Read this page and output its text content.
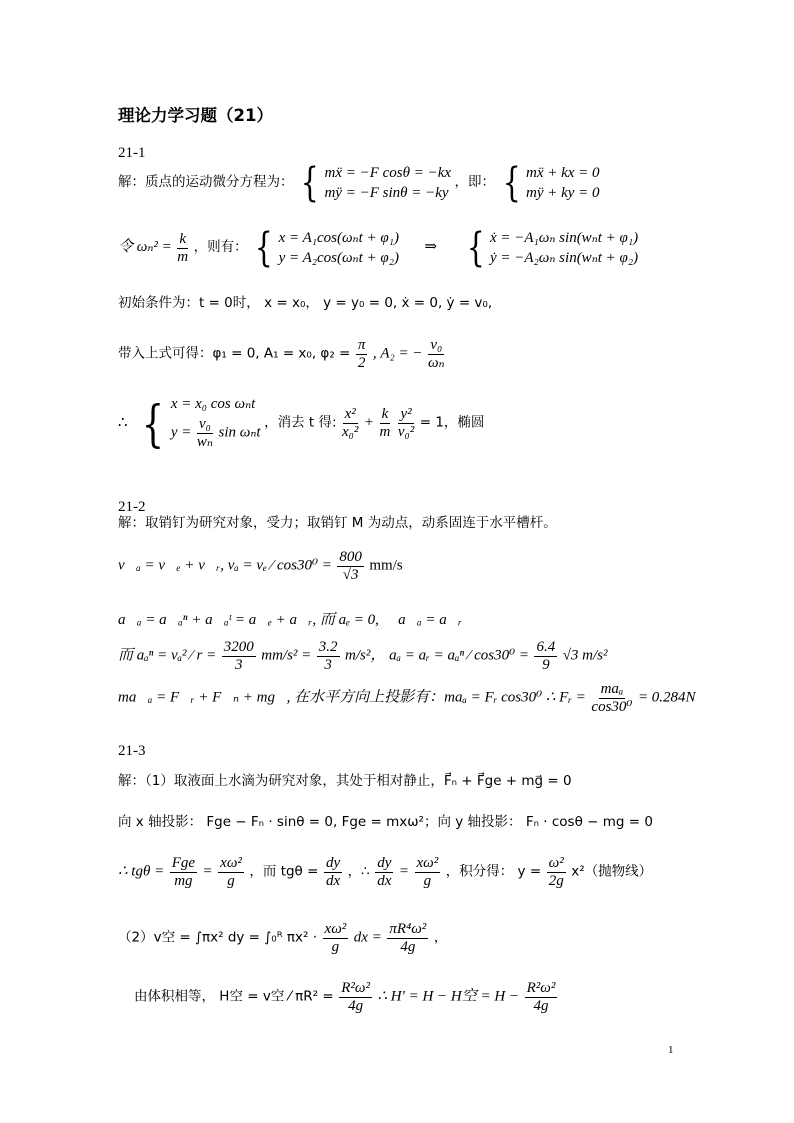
理论力学习题（21）
21-1
解：质点的运动微分方程为： { mẍ = −F cosθ = −kx
mÿ = −F sinθ = −ky
，即： { mẍ + kx = 0
mÿ + ky = 0
令 $\omega_n^2 = \frac{k}{m}$ ，则有： { x = A₁cos(ωₙt + φ₁)
y = A₂cos(ωₙt + φ₂)
⇒ { ẋ = −A₁ωₙ sin(wₙt + φ₁)
ẏ = −A₂ωₙ sin(wₙt + φ₂)
初始条件为：t = 0时， x = x₀， y = y₀ = 0, ẋ = 0, ẏ = v₀,
带入上式可得：φ₁ = 0, A₁ = x₀, $\varphi_2 = \frac{\pi}{2}$ , A₂ = − $\frac{\text{v₀}}{\text{ωₙ}}$
∴ { x = x₀ cos ωₙt
$y = \frac{\text{v₀}}{\text{wₙ}}$ sin ωₙt
，消去 t 得: $\frac{\text{x²}}{\text{x₀²}} + \frac{k}{m}$
$\frac{\text{y²}}{\text{v₀²}} = 1$，椭圆
21-2
解：取销钉为研究对象，受力；取销钉 M 为动点，动系固连于水平槽杆。
v⃗ₐ = v⃗ₑ + v⃗ᵣ, vₐ = vₑ ⁄ $\cos 30^0 = \frac{800}{√3} mm/s$
a⃗ₐ = a⃗ₐⁿ + a⃗ₐᵗ = a⃗ₑ + a⃗ᵣ, 而 aₑ = 0, ∴ a⃗ₐ = a⃗ᵣ
而 aₐⁿ = vₐ² ⁄ $r = \frac{3200}{3} mm/s^2 = \frac{3.2}{3} m/s^2$， aₐ = aᵣ = aₐⁿ ⁄ $\cos 30^0 = \frac{6.4}{9} √3$ m/s²
ma⃗ₐ = F⃗ᵣ + F⃗ₙ + mg⃗, 在水平方向上投影有：maₐ = Fᵣ cos30⁰ ∴ Fᵣ = $\frac{\text{maₐ}}{\text{cos30⁰}} = 0.284N$
21-3
解：（1）取液面上水滴为研究对象，其处于相对静止，F⃗ₙ + F⃗ge + mg⃗ = 0
向 x 轴投影： Fge − Fₙ · sinθ = 0, Fge = mxω²；向 y 轴投影： Fₙ · cosθ − mg = 0
∴ $tg\theta = \frac{\text{Fge}}{mg} = \frac{\text{xω²}}{g}$ ，而 $tg\theta = \frac{dy}{dx}$ ，∴ $\frac{dy}{dx} = \frac{\text{xω²}}{g}$ ，积分得： $y = \frac{\text{ω²}}{2g} x^2$（抛物线）
（2）v空 = ∫πx² dy = ∫₀ᴿ $\pi x^2 \cdot \frac{\text{xω²}}{g}$ dx = $\frac{\text{πR⁴ω²}}{4g}$ ，
由体积相等， H空 = v空 ⁄ $\pi R^2 = \frac{\text{R²ω²}}{4g}$ ∴ H′ = H − H空 = $H - \frac{\text{R²ω²}}{4g}$
1
